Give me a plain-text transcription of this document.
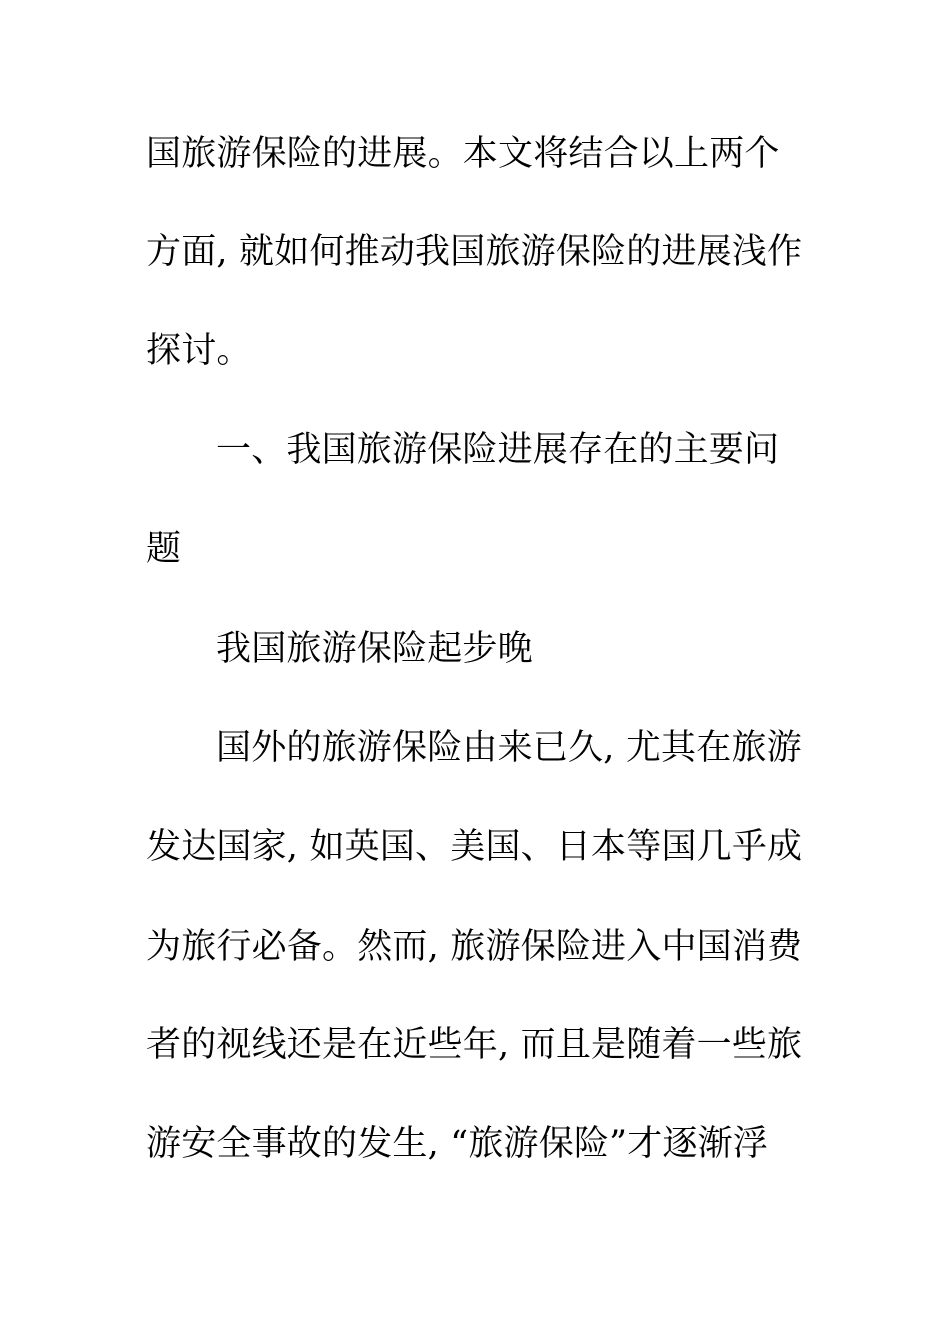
国旅游保险的进展。本文将结合以上两个
方面, 就如何推动我国旅游保险的进展浅作
探讨。
一、我国旅游保险进展存在的主要问
题
我国旅游保险起步晚
国外的旅游保险由来已久, 尤其在旅游
发达国家, 如英国、美国、日本等国几乎成
为旅行必备。然而, 旅游保险进入中国消费
者的视线还是在近些年, 而且是随着一些旅
游安全事故的发生, “旅游保险”才逐渐浮
